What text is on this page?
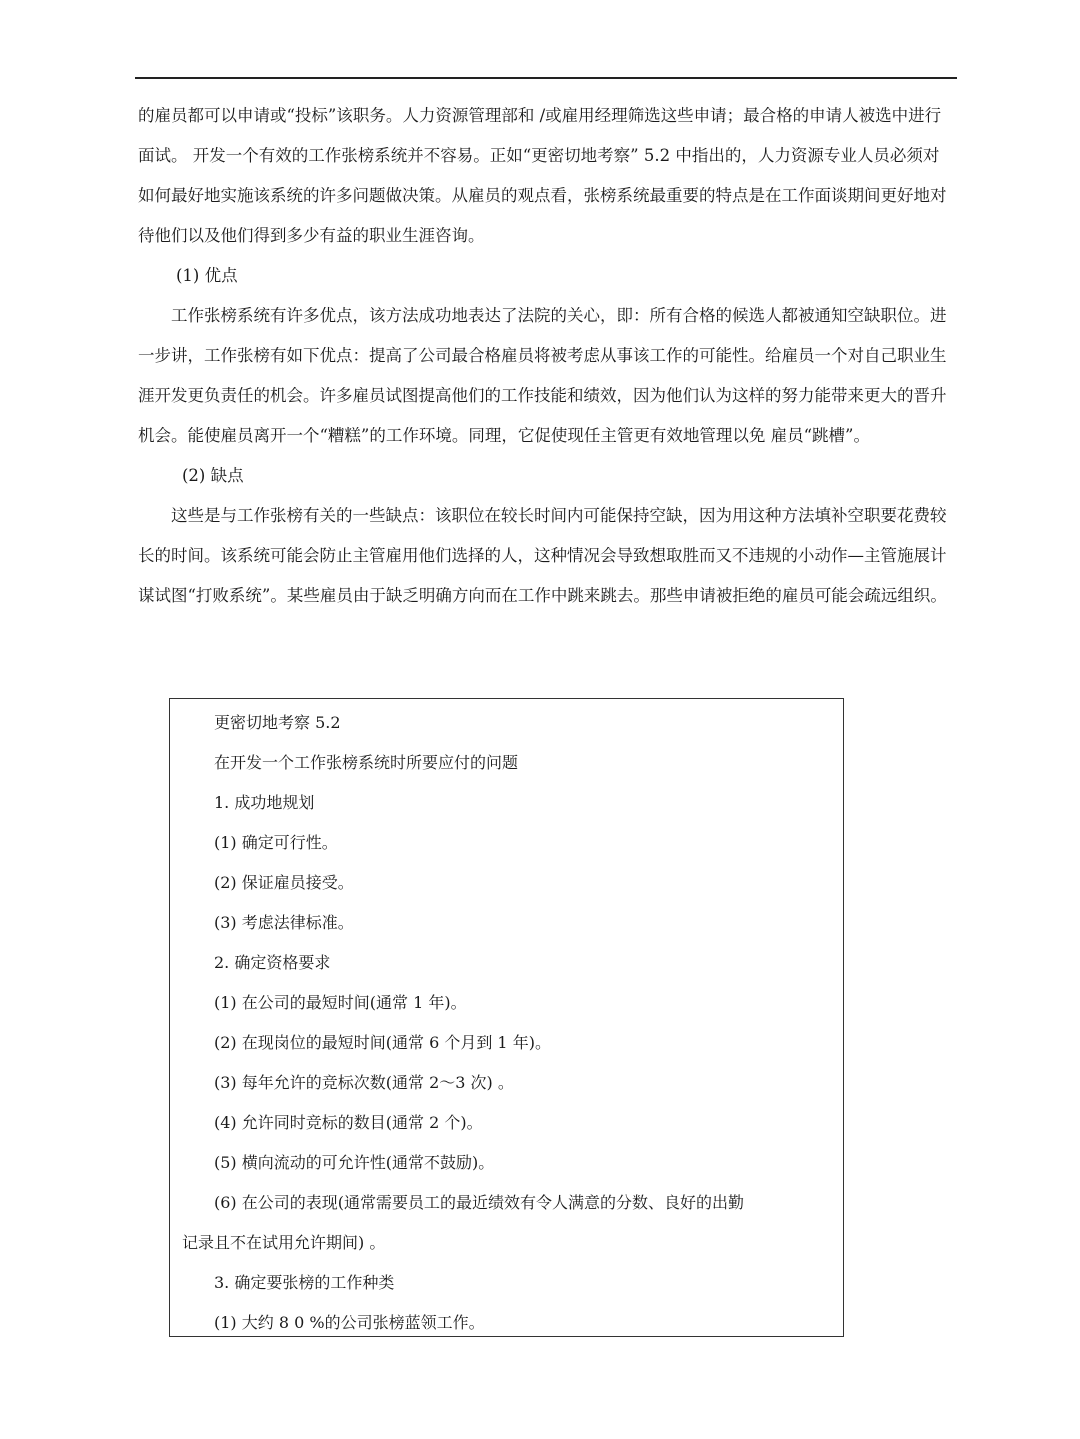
的雇员都可以申请或“投标”该职务。人力资源管理部和 /或雇用经理筛选这些申请；最合格的申请人被选中进行面试。 开发一个有效的工作张榜系统并不容易。正如“更密切地考察” 5.2 中指出的，人力资源专业人员必须对如何最好地实施该系统的许多问题做决策。从雇员的观点看，张榜系统最重要的特点是在工作面谈期间更好地对待他们以及他们得到多少有益的职业生涯咨询。

(1) 优点

工作张榜系统有许多优点，该方法成功地表达了法院的关心，即：所有合格的候选人都被通知空缺职位。进一步讲，工作张榜有如下优点：提高了公司最合格雇员将被考虑从事该工作的可能性。给雇员一个对自己职业生涯开发更负责任的机会。许多雇员试图提高他们的工作技能和绩效，因为他们认为这样的努力能带来更大的晋升机会。能使雇员离开一个“糟糕”的工作环境。同理，它促使现任主管更有效地管理以免 雇员“跳槽”。

(2) 缺点

这些是与工作张榜有关的一些缺点：该职位在较长时间内可能保持空缺，因为用这种方法填补空职要花费较长的时间。该系统可能会防止主管雇用他们选择的人，这种情况会导致想取胜而又不违规的小动作—主管施展计谋试图“打败系统”。某些雇员由于缺乏明确方向而在工作中跳来跳去。那些申请被拒绝的雇员可能会疏远组织。

更密切地考察 5.2

在开发一个工作张榜系统时所要应付的问题

1. 成功地规划

(1) 确定可行性。

(2) 保证雇员接受。

(3) 考虑法律标准。

2. 确定资格要求

(1) 在公司的最短时间(通常 1 年)。

(2) 在现岗位的最短时间(通常 6 个月到 1 年)。

(3) 每年允许的竞标次数(通常 2～3 次) 。

(4) 允许同时竞标的数目(通常 2 个)。

(5) 横向流动的可允许性(通常不鼓励)。

(6) 在公司的表现(通常需要员工的最近绩效有令人满意的分数、良好的出勤

记录且不在试用允许期间) 。

3. 确定要张榜的工作种类

(1) 大约 8 0 %的公司张榜蓝领工作。
